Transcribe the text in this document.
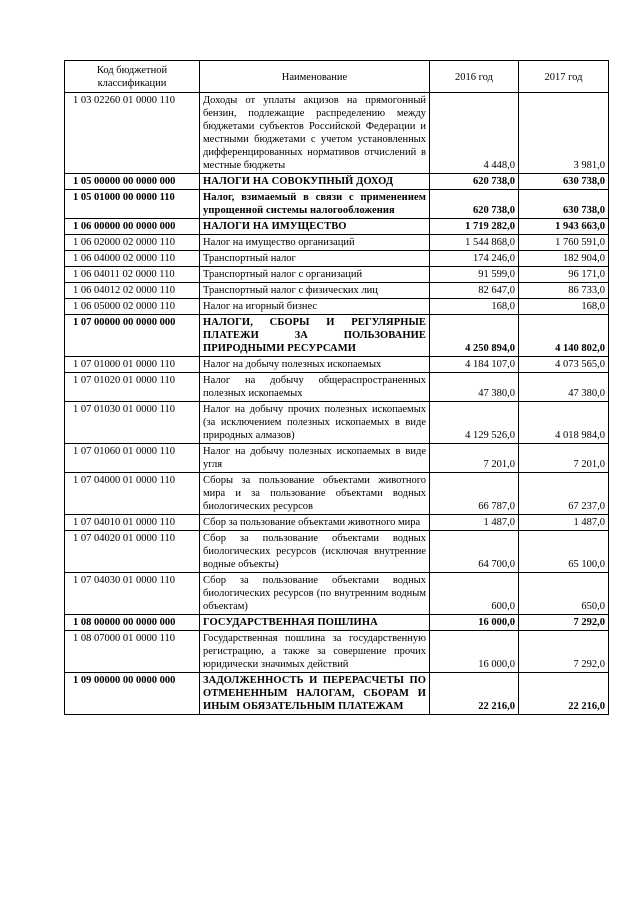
Код бюджетной классификации	Наименование	2016 год	2017 год
1 03 02260 01 0000 110	Доходы от уплаты акцизов на прямогонный бензин, подлежащие распределению между бюджетами субъектов Российской Федерации и местными бюджетами с учетом установленных дифференцированных нормативов отчислений в местные бюджеты	4 448,0	3 981,0
1 05 00000 00 0000 000	НАЛОГИ НА СОВОКУПНЫЙ ДОХОД	620 738,0	630 738,0
1 05 01000 00 0000 110	Налог, взимаемый в связи с применением упрощенной системы налогообложения	620 738,0	630 738,0
1 06 00000 00 0000 000	НАЛОГИ НА ИМУЩЕСТВО	1 719 282,0	1 943 663,0
1 06 02000 02 0000 110	Налог на имущество организаций	1 544 868,0	1 760 591,0
1 06 04000 02 0000 110	Транспортный налог	174 246,0	182 904,0
1 06 04011 02 0000 110	Транспортный налог с организаций	91 599,0	96 171,0
1 06 04012 02 0000 110	Транспортный налог с физических лиц	82 647,0	86 733,0
1 06 05000 02 0000 110	Налог на игорный бизнес	168,0	168,0
1 07 00000 00 0000 000	НАЛОГИ, СБОРЫ И РЕГУЛЯРНЫЕ ПЛАТЕЖИ ЗА ПОЛЬЗОВАНИЕ ПРИРОДНЫМИ РЕСУРСАМИ	4 250 894,0	4 140 802,0
1 07 01000 01 0000 110	Налог на добычу полезных ископаемых	4 184 107,0	4 073 565,0
1 07 01020 01 0000 110	Налог на добычу общераспространенных полезных ископаемых	47 380,0	47 380,0
1 07 01030 01 0000 110	Налог на добычу прочих полезных ископаемых (за исключением полезных ископаемых в виде природных алмазов)	4 129 526,0	4 018 984,0
1 07 01060 01 0000 110	Налог на добычу полезных ископаемых в виде угля	7 201,0	7 201,0
1 07 04000 01 0000 110	Сборы за пользование объектами животного мира и за пользование объектами водных биологических ресурсов	66 787,0	67 237,0
1 07 04010 01 0000 110	Сбор за пользование объектами животного мира	1 487,0	1 487,0
1 07 04020 01 0000 110	Сбор за пользование объектами водных биологических ресурсов (исключая внутренние водные объекты)	64 700,0	65 100,0
1 07 04030 01 0000 110	Сбор за пользование объектами водных биологических ресурсов (по внутренним водным объектам)	600,0	650,0
1 08 00000 00 0000 000	ГОСУДАРСТВЕННАЯ ПОШЛИНА	16 000,0	7 292,0
1 08 07000 01 0000 110	Государственная пошлина за государственную регистрацию, а также за совершение прочих юридически значимых действий	16 000,0	7 292,0
1 09 00000 00 0000 000	ЗАДОЛЖЕННОСТЬ И ПЕРЕРАСЧЕТЫ ПО ОТМЕНЕННЫМ НАЛОГАМ, СБОРАМ И ИНЫМ ОБЯЗАТЕЛЬНЫМ ПЛАТЕЖАМ	22 216,0	22 216,0
